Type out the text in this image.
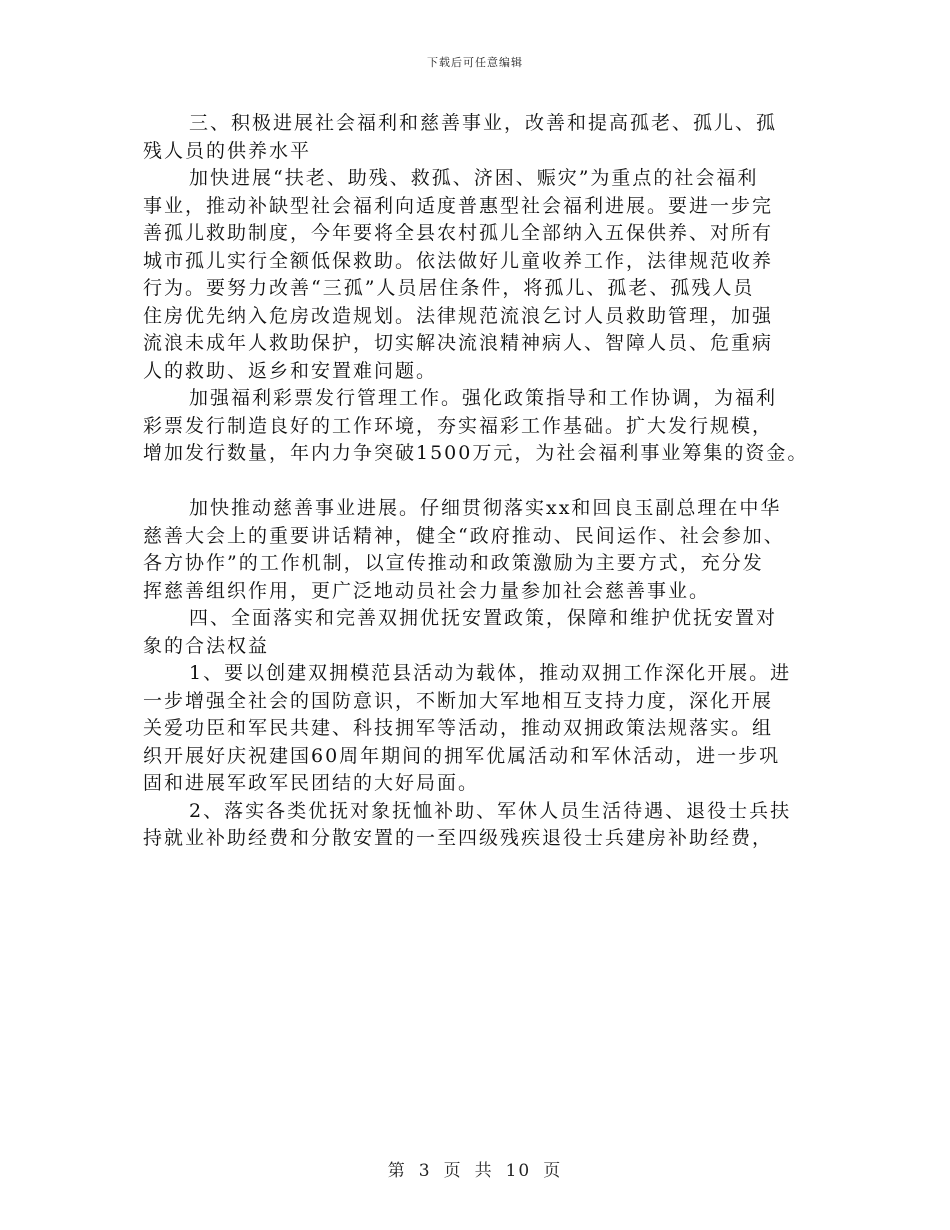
下载后可任意编辑
三、积极进展社会福利和慈善事业，改善和提高孤老、孤儿、孤
残人员的供养水平
加快进展“扶老、助残、救孤、济困、赈灾”为重点的社会福利
事业，推动补缺型社会福利向适度普惠型社会福利进展。要进一步完
善孤儿救助制度，今年要将全县农村孤儿全部纳入五保供养、对所有
城市孤儿实行全额低保救助。依法做好儿童收养工作，法律规范收养
行为。要努力改善“三孤”人员居住条件，将孤儿、孤老、孤残人员
住房优先纳入危房改造规划。法律规范流浪乞讨人员救助管理，加强
流浪未成年人救助保护，切实解决流浪精神病人、智障人员、危重病
人的救助、返乡和安置难问题。
加强福利彩票发行管理工作。强化政策指导和工作协调，为福利
彩票发行制造良好的工作环境，夯实福彩工作基础。扩大发行规模，
增加发行数量，年内力争突破1500万元，为社会福利事业筹集的资金。
加快推动慈善事业进展。仔细贯彻落实xx和回良玉副总理在中华
慈善大会上的重要讲话精神，健全“政府推动、民间运作、社会参加、
各方协作”的工作机制，以宣传推动和政策激励为主要方式，充分发
挥慈善组织作用，更广泛地动员社会力量参加社会慈善事业。
四、全面落实和完善双拥优抚安置政策，保障和维护优抚安置对
象的合法权益
1、要以创建双拥模范县活动为载体，推动双拥工作深化开展。进
一步增强全社会的国防意识，不断加大军地相互支持力度，深化开展
关爱功臣和军民共建、科技拥军等活动，推动双拥政策法规落实。组
织开展好庆祝建国60周年期间的拥军优属活动和军休活动，进一步巩
固和进展军政军民团结的大好局面。
2、落实各类优抚对象抚恤补助、军休人员生活待遇、退役士兵扶
持就业补助经费和分散安置的一至四级残疾退役士兵建房补助经费，
第 3 页 共 10 页
